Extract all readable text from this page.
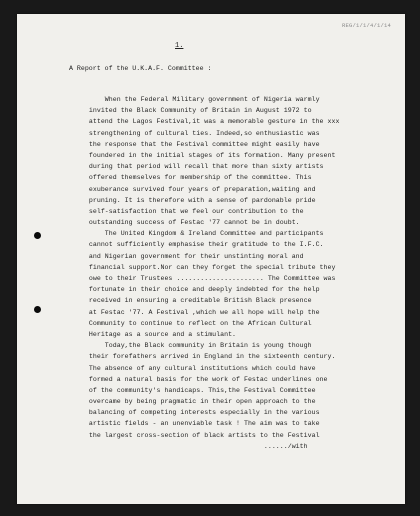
REG/1/1/4/1/14
1.
A Report of the U.K.A.F. Committee :
When the Federal Military government of Nigeria warmly
invited the Black Community of Britain in August 1972 to
attend the Lagos Festival,it was a memorable gesture in the xxx
strengthening of cultural ties. Indeed,so enthusiastic was
the response that the Festival committee might easily have
foundered in the initial stages of its formation. Many present
during that period will recall that more than sixty artists
offered themselves for membership of the committee. This
exuberance survived four years of preparation,waiting and
pruning. It is therefore with a sense of pardonable pride
self-satisfaction that we feel our contribution to the
outstanding success of Festac '77 cannot be in doubt.
The United Kingdom & Ireland Committee and participants
cannot sufficiently emphasise their gratitude to the I.F.C.
and Nigerian government for their unstinting moral and
financial support.Nor can they forget the special tribute they
owe to their Trustees ...................... The Committee was
fortunate in their choice and deeply indebted for the help
received in ensuring a creditable British Black presence
at Festac '77. A Festival ,which we all hope will help the
Community to continue to reflect on the African Cultural
Heritage as a source and a stimulant.
Today,the Black community in Britain is young though
their forefathers arrived in England in the sixteenth century.
The absence of any cultural institutions which could have
formed a natural basis for the work of Festac underlines one
of the community's handicaps. This,the Festival Committee
overcame by being pragmatic in their open approach to the
balancing of competing interests especially in the various
artistic fields - an unenviable task ! The aim was to take
the largest cross-section of black artists to the Festival
....../with
